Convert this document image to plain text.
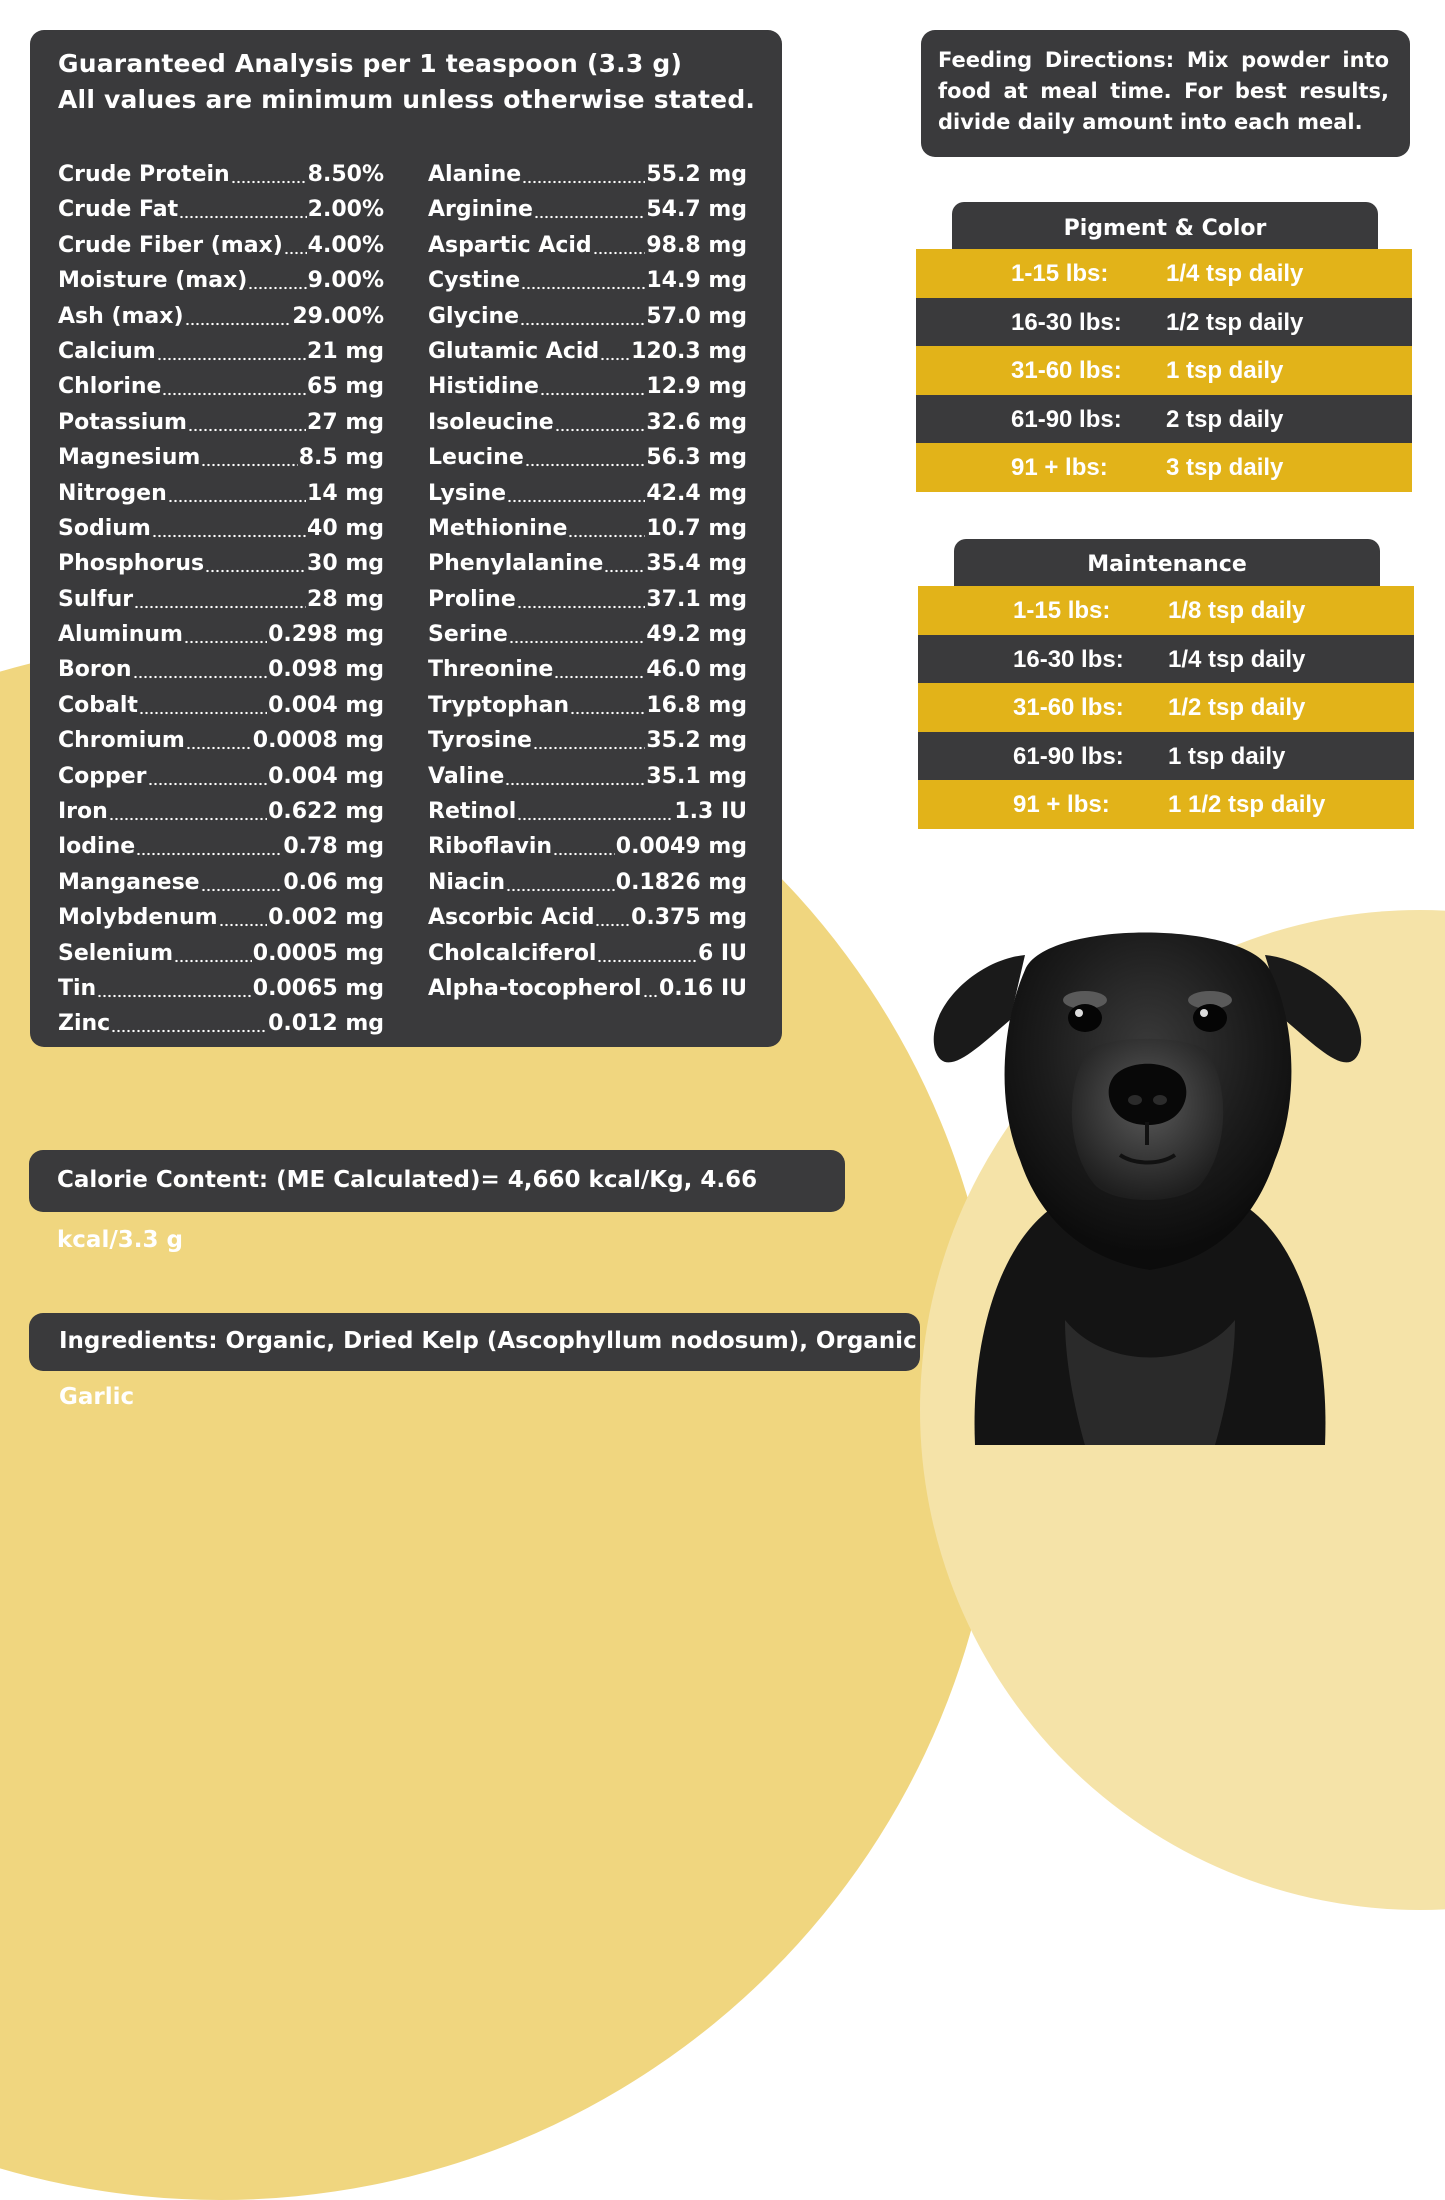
Guaranteed Analysis per 1 teaspoon (3.3 g)
All values are minimum unless otherwise stated.
Crude Protein	8.50%
Crude Fat	2.00%
Crude Fiber (max) 4.00%
Moisture (max)	9.00%
Ash (max)	29.00%
Calcium	21 mg
Chlorine	65 mg
Potassium	27 mg
Magnesium	8.5 mg
Nitrogen	14 mg
Sodium	40 mg
Phosphorus	30 mg
Sulfur	28 mg
Aluminum	0.298 mg
Boron	0.098 mg
Cobalt	0.004 mg
Chromium	0.0008 mg
Copper	0.004 mg
Iron	0.622 mg
Iodine	0.78 mg
Manganese	0.06 mg
Molybdenum 0.002 mg
Selenium	0.0005 mg
Tin	0.0065 mg
Zinc	0.012 mg
Alanine	55.2 mg
Arginine	54.7 mg
Aspartic Acid 98.8 mg
Cystine	14.9 mg
Glycine	57.0 mg
Glutamic Acid 120.3 mg
Histidine	12.9 mg
Isoleucine	32.6 mg
Leucine	56.3 mg
Lysine	42.4 mg
Methionine	10.7 mg
Phenylalanine 35.4 mg
Proline	37.1 mg
Serine	49.2 mg
Threonine	46.0 mg
Tryptophan	16.8 mg
Tyrosine	35.2 mg
Valine	35.1 mg
Retinol	1.3 IU
Riboflavin	0.0049 mg
Niacin	0.1826 mg
Ascorbic Acid 0.375 mg
Cholcalciferol	6 IU
Alpha-tocopherol 0.16 IU
Feeding Directions: Mix powder into food at meal time. For best results, divide daily amount into each meal.
Pigment & Color
1-15 lbs: 1/4 tsp daily
16-30 lbs: 1/2 tsp daily
31-60 lbs: 1 tsp daily
61-90 lbs: 2 tsp daily
91 + lbs: 3 tsp daily
Maintenance
1-15 lbs: 1/8 tsp daily
16-30 lbs: 1/4 tsp daily
31-60 lbs: 1/2 tsp daily
61-90 lbs: 1 tsp daily
91 + lbs: 1 1/2 tsp daily
Calorie Content: (ME Calculated)= 4,660 kcal/Kg, 4.66 kcal/3.3 g
Ingredients: Organic, Dried Kelp (Ascophyllum nodosum), Organic Garlic
